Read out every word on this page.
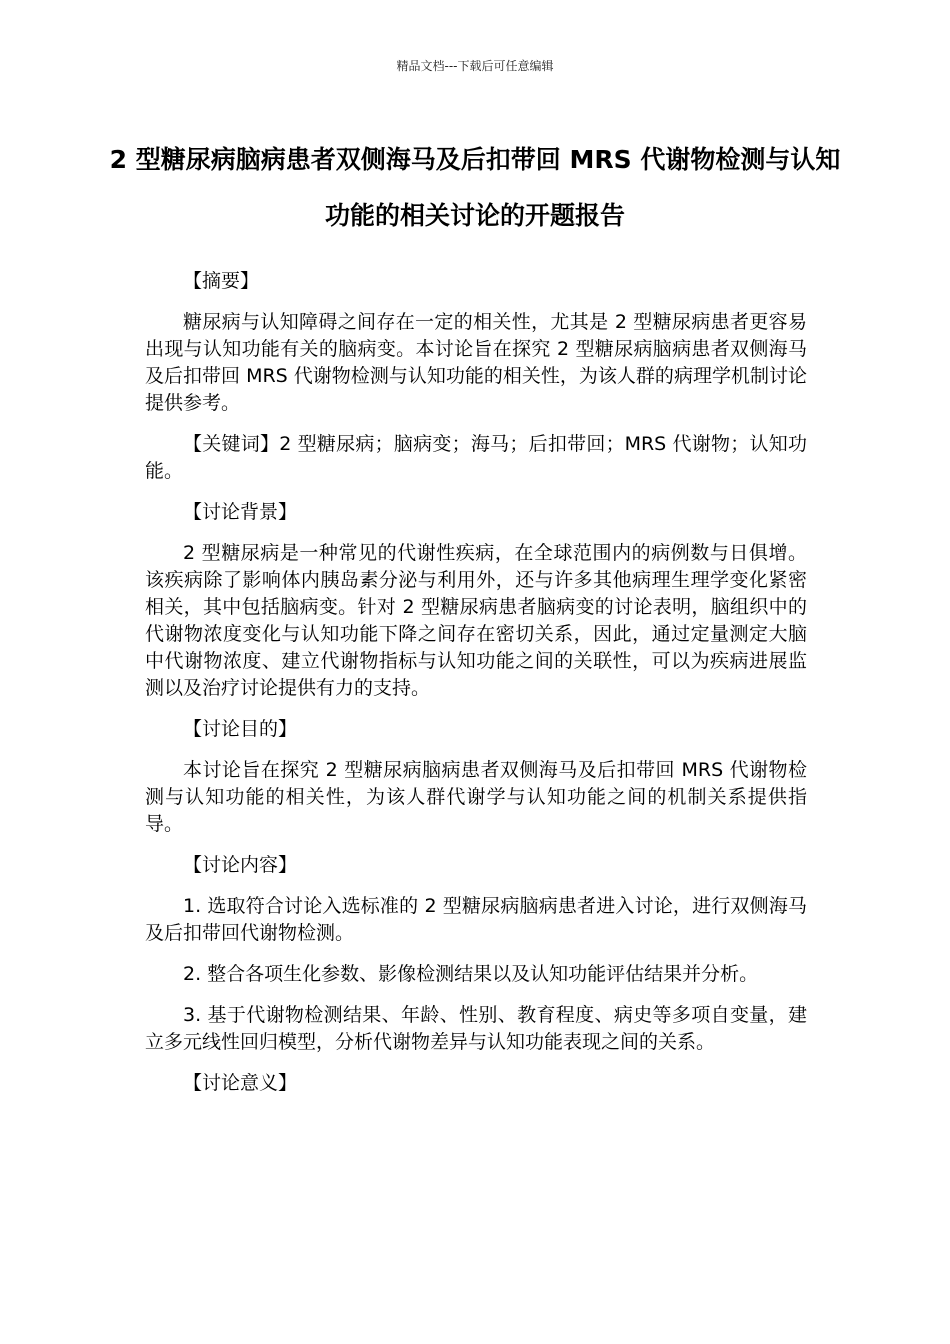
精品文档---下载后可任意编辑
2 型糖尿病脑病患者双侧海马及后扣带回 MRS 代谢物检测与认知功能的相关讨论的开题报告

【摘要】

糖尿病与认知障碍之间存在一定的相关性，尤其是 2 型糖尿病患者更容易出现与认知功能有关的脑病变。本讨论旨在探究 2 型糖尿病脑病患者双侧海马及后扣带回 MRS 代谢物检测与认知功能的相关性，为该人群的病理学机制讨论提供参考。

【关键词】2 型糖尿病；脑病变；海马；后扣带回；MRS 代谢物；认知功能。

【讨论背景】

2 型糖尿病是一种常见的代谢性疾病，在全球范围内的病例数与日俱增。该疾病除了影响体内胰岛素分泌与利用外，还与许多其他病理生理学变化紧密相关，其中包括脑病变。针对 2 型糖尿病患者脑病变的讨论表明，脑组织中的代谢物浓度变化与认知功能下降之间存在密切关系，因此，通过定量测定大脑中代谢物浓度、建立代谢物指标与认知功能之间的关联性，可以为疾病进展监测以及治疗讨论提供有力的支持。

【讨论目的】

本讨论旨在探究 2 型糖尿病脑病患者双侧海马及后扣带回 MRS 代谢物检测与认知功能的相关性，为该人群代谢学与认知功能之间的机制关系提供指导。

【讨论内容】

1. 选取符合讨论入选标准的 2 型糖尿病脑病患者进入讨论，进行双侧海马及后扣带回代谢物检测。

2. 整合各项生化参数、影像检测结果以及认知功能评估结果并分析。

3. 基于代谢物检测结果、年龄、性别、教育程度、病史等多项自变量，建立多元线性回归模型，分析代谢物差异与认知功能表现之间的关系。

【讨论意义】
